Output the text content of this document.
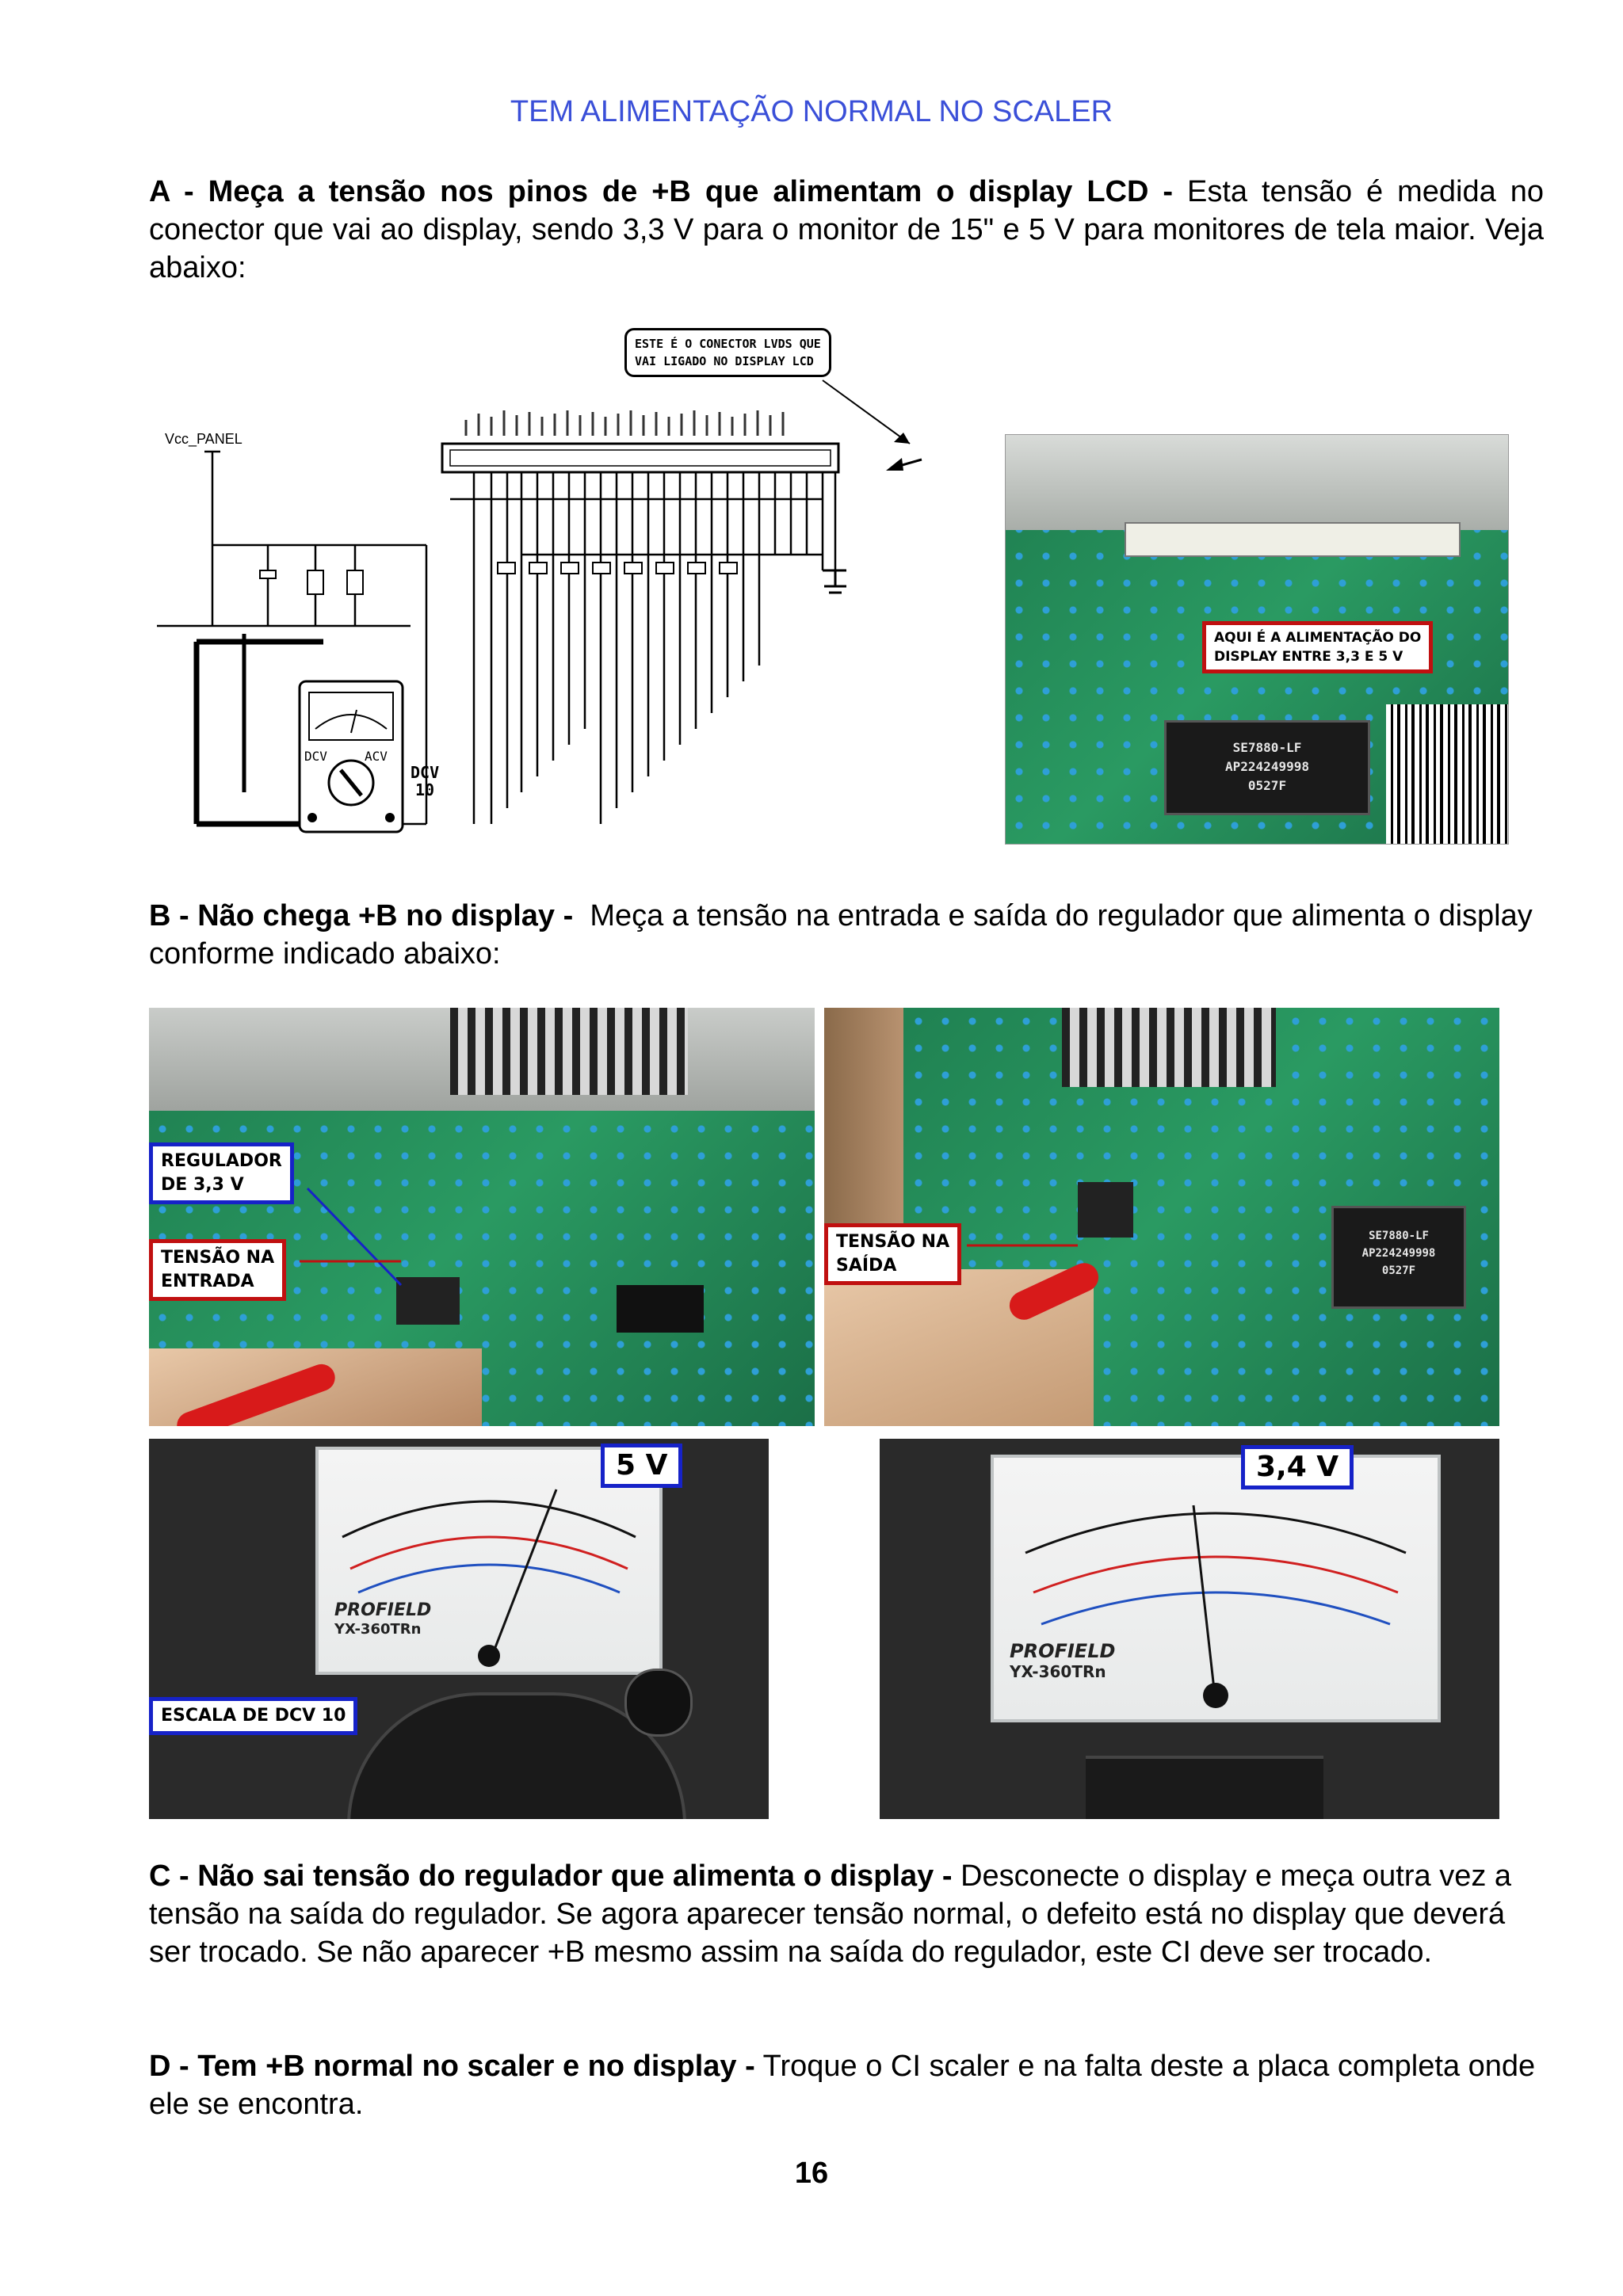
TEM ALIMENTAÇÃO NORMAL NO SCALER
A - Meça a tensão nos pinos de +B que alimentam o display LCD - Esta tensão é medida no conector que vai ao display, sendo 3,3 V para o monitor de 15" e 5 V para monitores de tela maior. Veja abaixo:
Vcc_PANEL
DCV	ACV
DCV
10
ESTE É O CONECTOR LVDS QUE
VAI LIGADO NO DISPLAY LCD
AQUI É A ALIMENTAÇÃO DO
DISPLAY ENTRE 3,3 E 5 V
SE7880-LF
AP224249998
0527F
B - Não chega +B no display - Meça a tensão na entrada e saída do regulador que alimenta o display conforme indicado abaixo:
REGULADOR
DE 3,3 V
TENSÃO NA
ENTRADA
SE7880-LF
AP224249998
0527F
TENSÃO NA
SAÍDA
PROFIELD
YX-360TRn
5 V
ESCALA DE DCV 10
PROFIELD
YX-360TRn
3,4 V
C - Não sai tensão do regulador que alimenta o display - Desconecte o display e meça outra vez a tensão na saída do regulador. Se agora aparecer tensão normal, o defeito está no display que deverá ser trocado. Se não aparecer +B mesmo assim na saída do regulador, este CI deve ser trocado.
D - Tem +B normal no scaler e no display - Troque o CI scaler e na falta deste a placa completa onde ele se encontra.
16
